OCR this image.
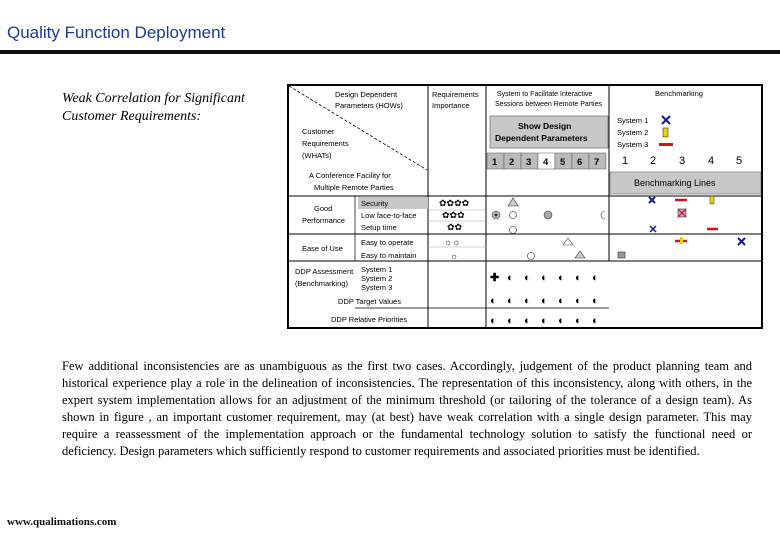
Quality Function Deployment
Weak Correlation for Significant
Customer Requirements:
Design Dependent
Parameters (HOWs)
Requirements
Importance
System to Facilitate Interactive
Sessions between Remote Parties
Benchmarking
Customer
Requirements
(WHATs)
Show Design
Dependent Parameters
System 1
System 2
System 3
1 2 3 4 5 6 7 1 2 3 4 5
A Conference Facility for
Multiple Remote Parties	Benchmarking Lines
Good
Performance
Ease of Use
Security
Low face-to-face
Setup time
Easy to operate
Easy to maintain
✿✿✿✿
✿✿✿
✿✿
☼☼
☼
DDP Assessment
(Benchmarking)
System 1
System 2
System 3
DDP Target Values
DDP Relative Priorities
✚ ◐ ◐ ◐ ◐ ◐ ◐
◐ ◐ ◐ ◐ ◐ ◐ ◐
◐ ◐ ◐ ◐ ◐ ◐ ◐
Few additional inconsistencies are as unambiguous as the first two cases. Accordingly, judgement of the product planning team and historical experience play a role in the delineation of inconsistencies. The representation of this inconsistency, along with others, in the expert system implementation allows for an adjustment of the minimum threshold (or tailoring of the tolerance of a design team). As shown in figure , an important customer requirement, may (at best) have weak correlation with a single design parameter. This may require a reassessment of the implementation approach or the fundamental technology solution to satisfy the functional need or deficiency. Design parameters which sufficiently respond to customer requirements and associated priorities must be identified.
www.qualimations.com
